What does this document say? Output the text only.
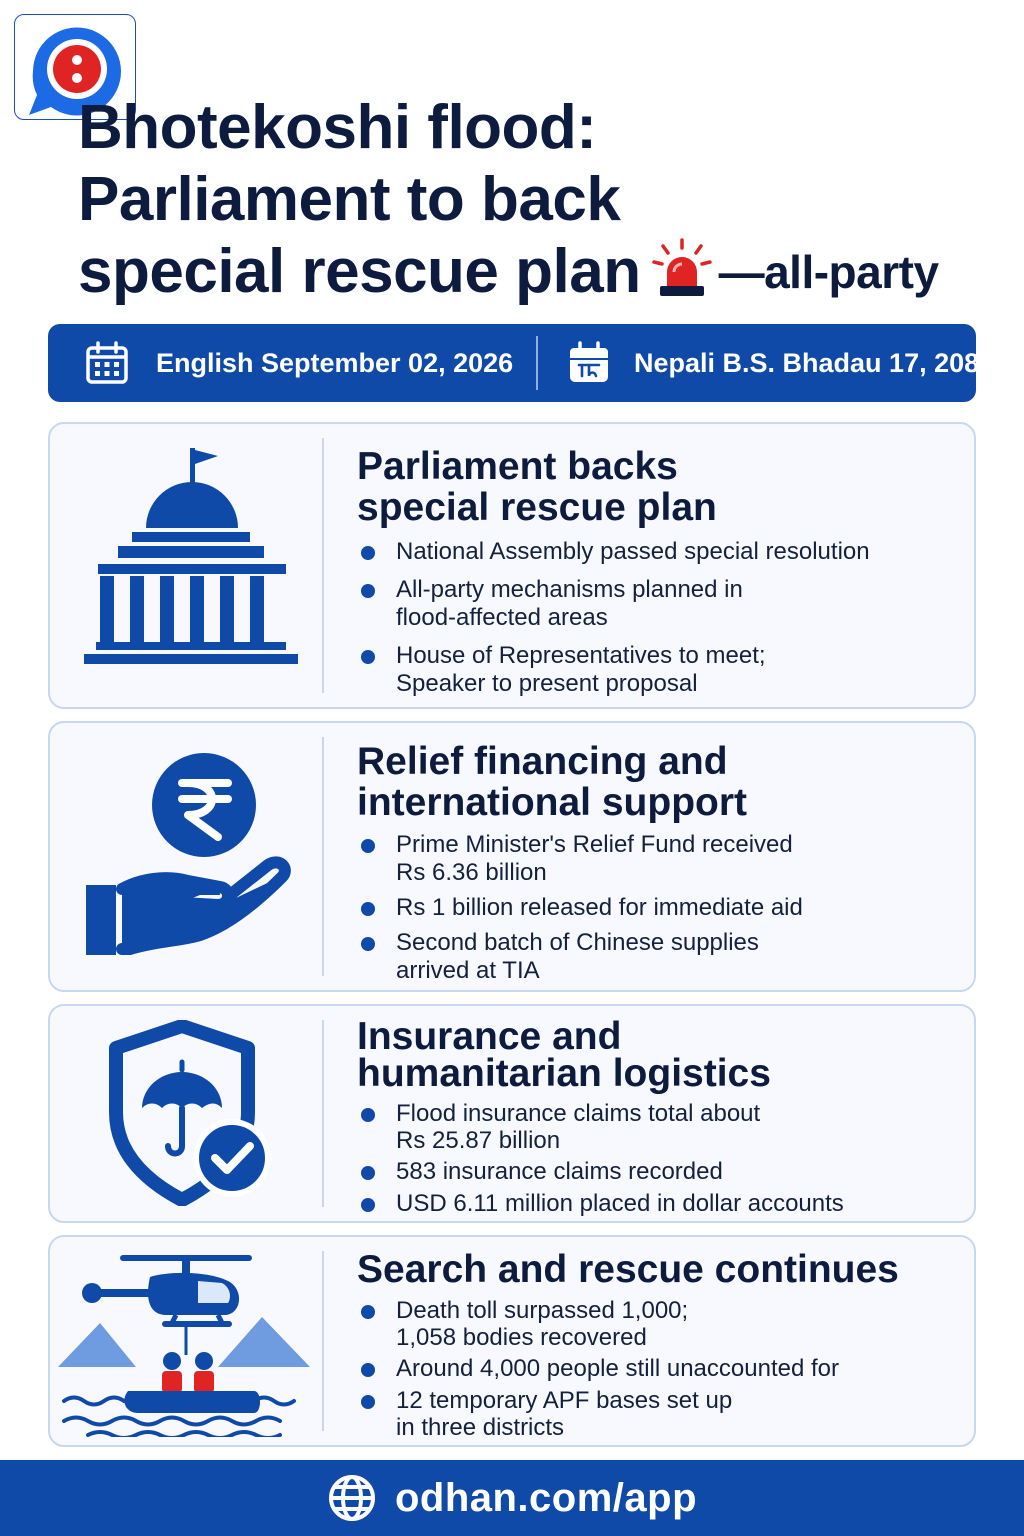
Bhotekoshi flood:
Parliament to back
special rescue plan —all-party
English September 02, 2026	Nepali B.S. Bhadau 17, 2083
Parliament backs
special rescue plan
National Assembly passed special resolution
All-party mechanisms planned in
flood-affected areas
House of Representatives to meet;
Speaker to present proposal
Relief financing and
international support
Prime Minister's Relief Fund received
Rs 6.36 billion
Rs 1 billion released for immediate aid
Second batch of Chinese supplies
arrived at TIA
Insurance and
humanitarian logistics
Flood insurance claims total about
Rs 25.87 billion
583 insurance claims recorded
USD 6.11 million placed in dollar accounts
Search and rescue continues
Death toll surpassed 1,000;
1,058 bodies recovered
Around 4,000 people still unaccounted for
12 temporary APF bases set up
in three districts
odhan.com/app
